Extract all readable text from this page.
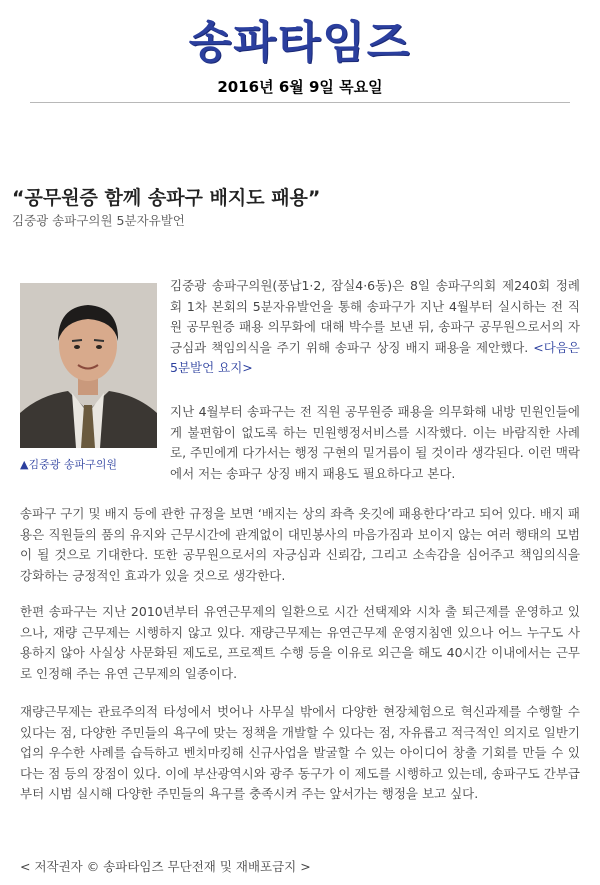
송파타임즈
2016년 6월 9일 목요일
“공무원증 함께 송파구 배지도 패용”
김중광 송파구의원 5분자유발언
▲김중광 송파구의원

김중광 송파구의원(풍납1·2, 잠실4·6동)은 8일 송파구의회 제240회 정례회 1차 본회의 5분자유발언을 통해 송파구가 지난 4월부터 실시하는 전 직원 공무원증 패용 의무화에 대해 박수를 보낸 뒤, 송파구 공무원으로서의 자긍심과 책임의식을 주기 위해 송파구 상징 배지 패용을 제안했다. <다음은 5분발언 요지>

지난 4월부터 송파구는 전 직원 공무원증 패용을 의무화해 내방 민원인들에게 불편함이 없도록 하는 민원행정서비스를 시작했다. 이는 바람직한 사례로, 주민에게 다가서는 행정 구현의 밑거름이 될 것이라 생각된다. 이런 맥락에서 저는 송파구 상징 배지 패용도 필요하다고 본다.

송파구 구기 및 배지 등에 관한 규정을 보면 ‘배지는 상의 좌측 옷깃에 패용한다’라고 되어 있다. 배지 패용은 직원들의 품의 유지와 근무시간에 관계없이 대민봉사의 마음가짐과 보이지 않는 여러 행태의 모범이 될 것으로 기대한다. 또한 공무원으로서의 자긍심과 신뢰감, 그리고 소속감을 심어주고 책임의식을 강화하는 긍정적인 효과가 있을 것으로 생각한다.

한편 송파구는 지난 2010년부터 유연근무제의 일환으로 시간 선택제와 시차 출 퇴근제를 운영하고 있으나, 재량 근무제는 시행하지 않고 있다. 재량근무제는 유연근무제 운영지침엔 있으나 어느 누구도 사용하지 않아 사실상 사문화된 제도로, 프로젝트 수행 등을 이유로 외근을 해도 40시간 이내에서는 근무로 인정해 주는 유연 근무제의 일종이다.

재량근무제는 관료주의적 타성에서 벗어나 사무실 밖에서 다양한 현장체험으로 혁신과제를 수행할 수 있다는 점, 다양한 주민들의 욕구에 맞는 정책을 개발할 수 있다는 점, 자유롭고 적극적인 의지로 일반기업의 우수한 사례를 습득하고 벤치마킹해 신규사업을 발굴할 수 있는 아이디어 창출 기회를 만들 수 있다는 점 등의 장점이 있다. 이에 부산광역시와 광주 동구가 이 제도를 시행하고 있는데, 송파구도 간부급부터 시범 실시해 다양한 주민들의 욕구를 충족시켜 주는 앞서가는 행정을 보고 싶다.

< 저작권자 © 송파타임즈 무단전재 및 재배포금지 >
